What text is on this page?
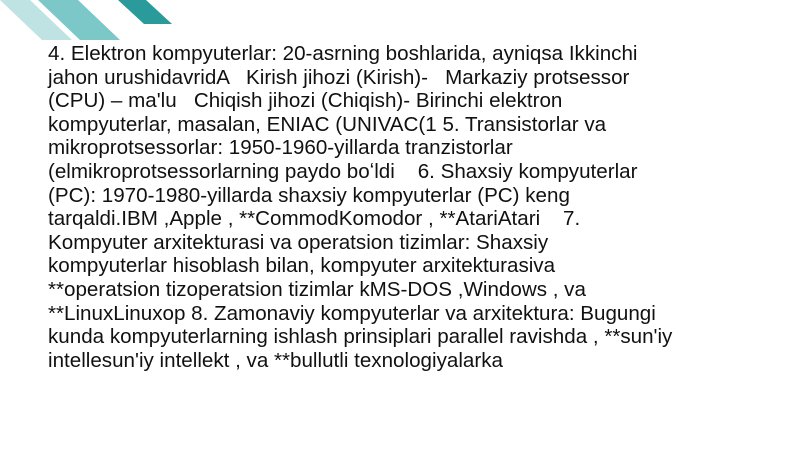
4. Elektron kompyuterlar: 20-asrning boshlarida, ayniqsa Ikkinchi
jahon urushidavridA   Kirish jihozi (Kirish)-   Markaziy protsessor
(CPU) – ma'lu   Chiqish jihozi (Chiqish)- Birinchi elektron
kompyuterlar, masalan, ENIAC (UNIVAC(1 5. Transistorlar va
mikroprotsessorlar: 1950-1960-yillarda tranzistorlar
(elmikroprotsessorlarning paydo boʻldi    6. Shaxsiy kompyuterlar
(PC): 1970-1980-yillarda shaxsiy kompyuterlar (PC) keng
tarqaldi.IBM ,Apple , **CommodKomodor , **AtariAtari    7.
Kompyuter arxitekturasi va operatsion tizimlar: Shaxsiy
kompyuterlar hisoblash bilan, kompyuter arxitekturasiva
**operatsion tizoperatsion tizimlar kMS-DOS ,Windows , va
**LinuxLinuxop 8. Zamonaviy kompyuterlar va arxitektura: Bugungi
kunda kompyuterlarning ishlash prinsiplari parallel ravishda , **sun'iy
intellesun'iy intellekt , va **bullutli texnologiyalarka
